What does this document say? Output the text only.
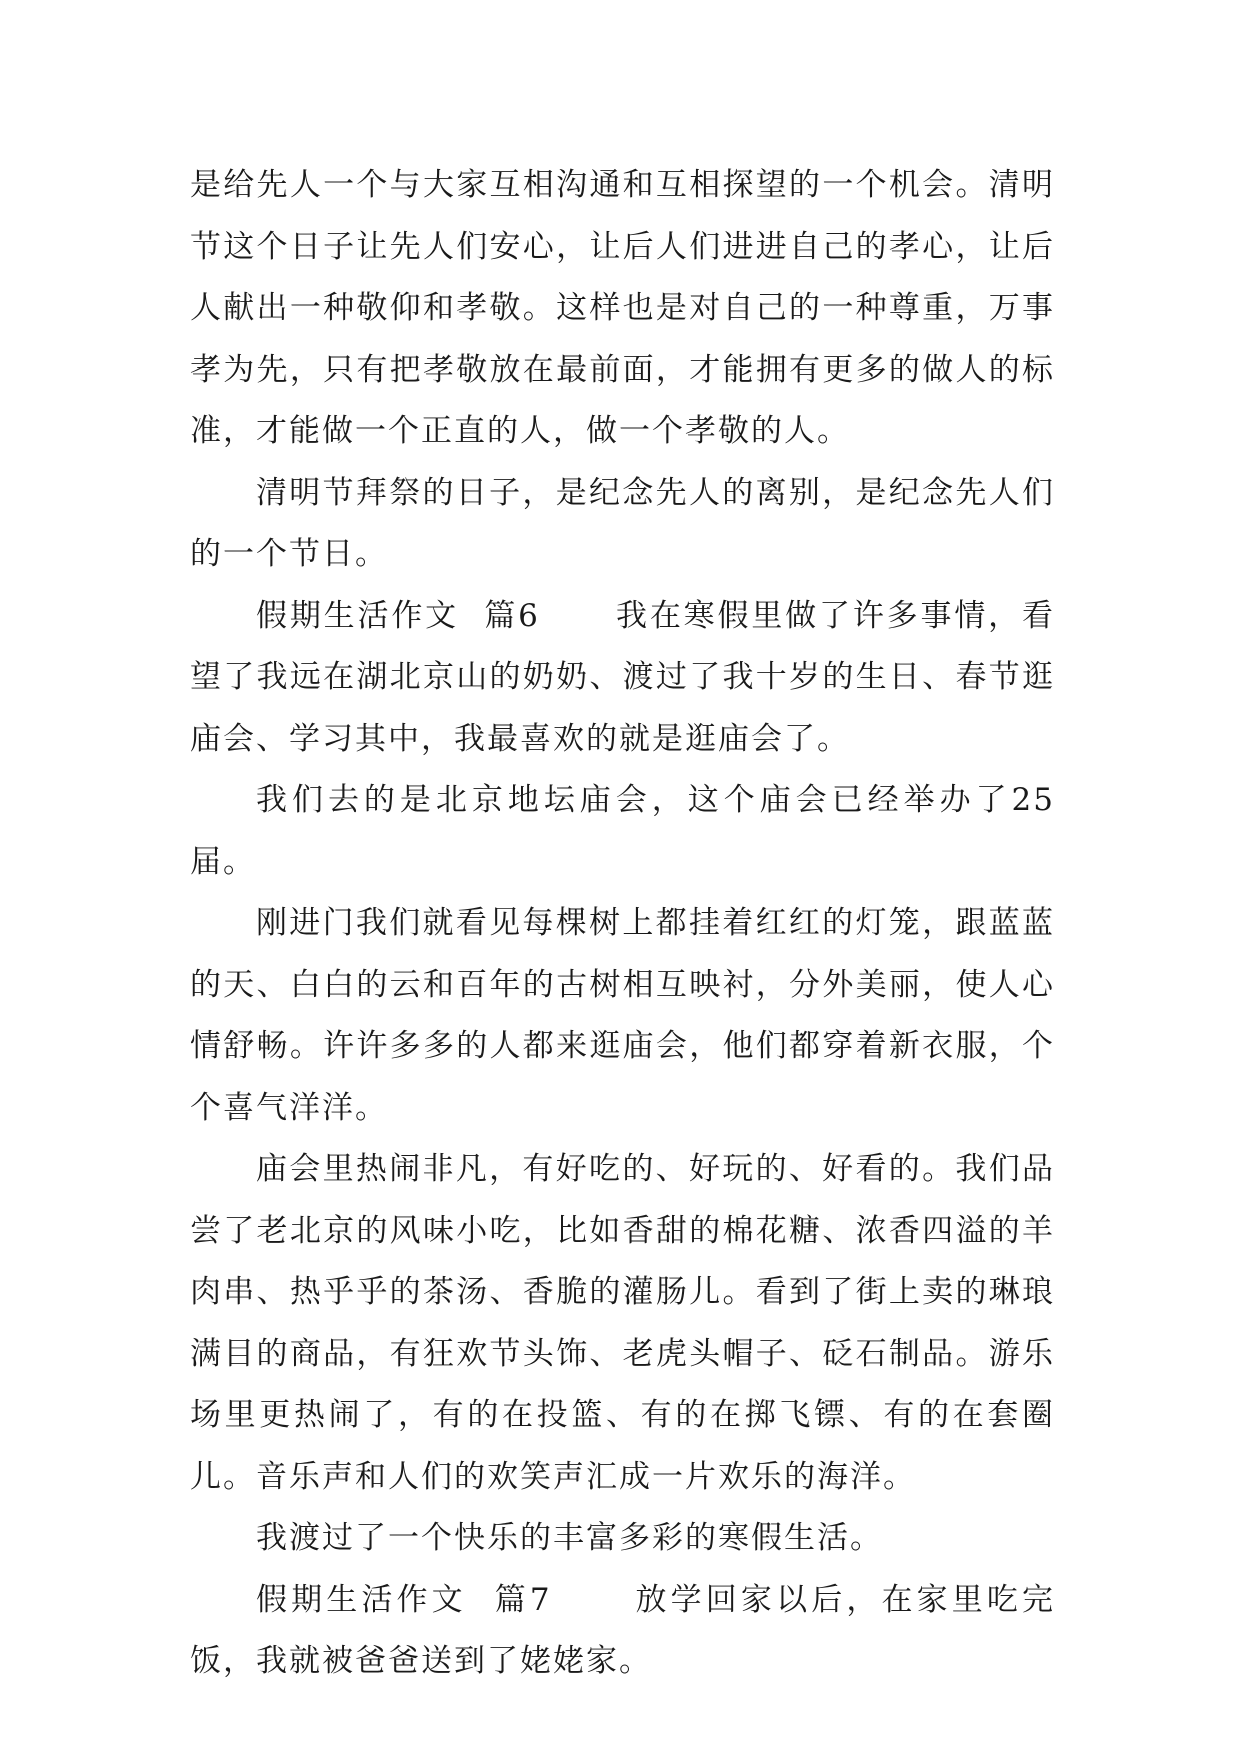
是给先人一个与大家互相沟通和互相探望的一个机会。清明节这个日子让先人们安心，让后人们进进自己的孝心，让后人献出一种敬仰和孝敬。这样也是对自己的一种尊重，万事孝为先，只有把孝敬放在最前面，才能拥有更多的做人的标准，才能做一个正直的人，做一个孝敬的人。

清明节拜祭的日子，是纪念先人的离别，是纪念先人们的一个节日。

假期生活作文  篇6      我在寒假里做了许多事情，看望了我远在湖北京山的奶奶、渡过了我十岁的生日、春节逛庙会、学习其中，我最喜欢的就是逛庙会了。

我们去的是北京地坛庙会，这个庙会已经举办了25届。

刚进门我们就看见每棵树上都挂着红红的灯笼，跟蓝蓝的天、白白的云和百年的古树相互映衬，分外美丽，使人心情舒畅。许许多多的人都来逛庙会，他们都穿着新衣服，个个喜气洋洋。

庙会里热闹非凡，有好吃的、好玩的、好看的。我们品尝了老北京的风味小吃，比如香甜的棉花糖、浓香四溢的羊肉串、热乎乎的茶汤、香脆的灌肠儿。看到了街上卖的琳琅满目的商品，有狂欢节头饰、老虎头帽子、砭石制品。游乐场里更热闹了，有的在投篮、有的在掷飞镖、有的在套圈儿。音乐声和人们的欢笑声汇成一片欢乐的海洋。

我渡过了一个快乐的丰富多彩的寒假生活。

假期生活作文  篇7      放学回家以后，在家里吃完饭，我就被爸爸送到了姥姥家。
